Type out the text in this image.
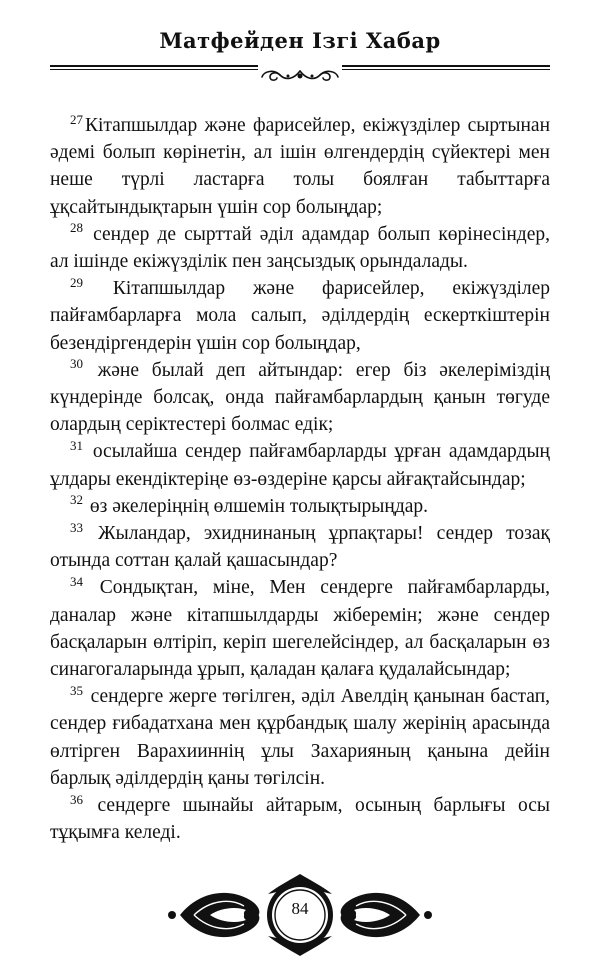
Матфейден Ізгі Хабар

$^{27}$ Кітапшылдар және фарисейлер, екіжүзділер сыртынан әдемі болып көрінетін, ал ішін өлгендердің сүйектері мен неше түрлі ластарға толы боялған табыттарға ұқсайтындықтарын үшін сор болыңдар;

$^{28}$ сендер де сырттай әділ адамдар болып көрінесіндер, ал ішінде екіжүзділік пен заңсыздық орындалады.

$^{29}$ Кітапшылдар және фарисейлер, екіжүзділер пайғамбарларға мола салып, әділдердің ескерткіштерін безендіргендерін үшін сор болыңдар,

$^{30}$ және былай деп айтындар: егер біз әкелеріміздің күндерінде болсақ, онда пайғамбарлардың қанын төгуде олардың серіктестері болмас едік;

$^{31}$ осылайша сендер пайғамбарларды ұрған адамдардың ұлдары екендіктеріңе өз-өздеріне қарсы айғақтайсындар;

$^{32}$ өз әкелеріңнің өлшемін толықтырыңдар.

$^{33}$ Жыландар, эхиднинаның ұрпақтары! сендер тозақ отында соттан қалай қашасындар?

$^{34}$ Сондықтан, міне, Мен сендерге пайғамбарларды, даналар және кітапшылдарды жіберемін; және сендер басқаларын өлтіріп, керіп шегелейсіндер, ал басқаларын өз синагогаларында ұрып, қаладан қалаға қудалайсындар;

$^{35}$ сендерге жерге төгілген, әділ Авелдің қанынан бастап, сендер ғибадатхана мен құрбандық шалу жерінің арасында өлтірген Варахииннің ұлы Захарияның қанына дейін барлық әділдердің қаны төгілсін.

$^{36}$ сендерге шынайы айтарым, осының барлығы осы тұқымға келеді.

84
